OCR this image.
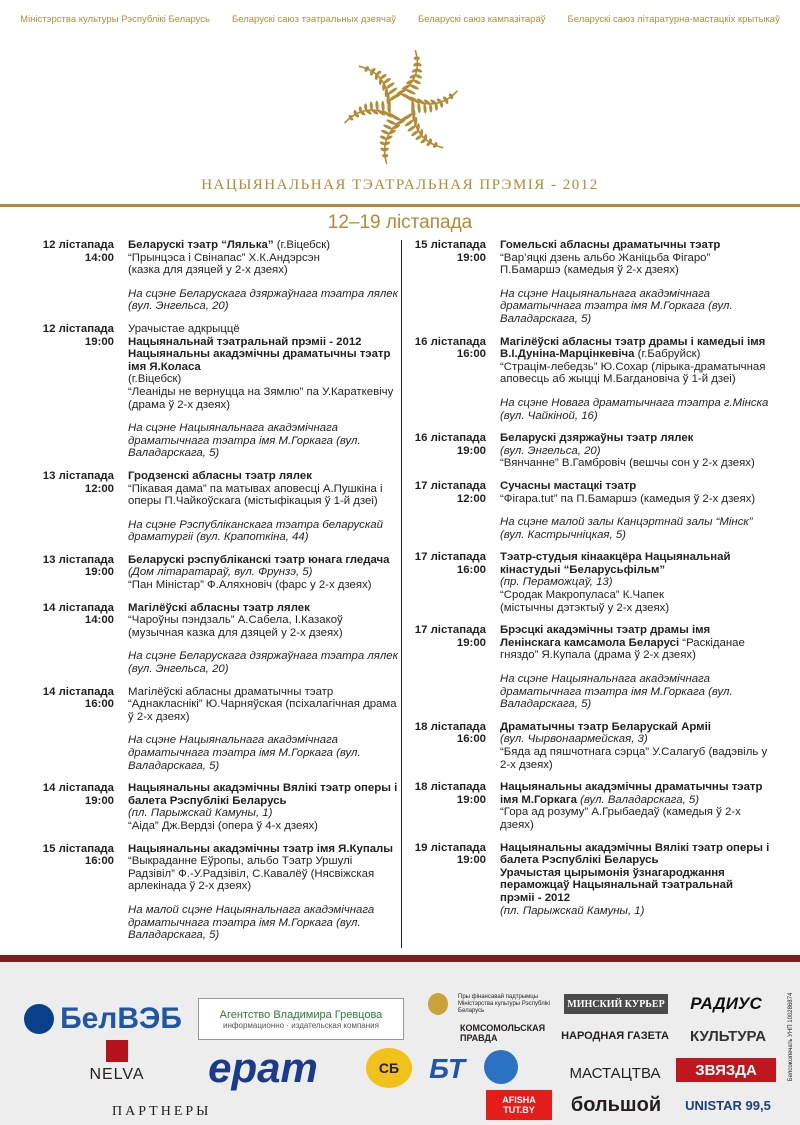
Міністэрства культуры Рэспублікі Беларусь Беларускі саюз тэатральных дзеячаў Беларускі саюз кампазітараў Беларускі саюз літаратурна-мастацкіх крытыкаў
НАЦЫЯНАЛЬНАЯ ТЭАТРАЛЬНАЯ ПРЭМІЯ - 2012
12–19 лістапада
12 лістапада
14:00
Беларускі тэатр “Лялька” (г.Віцебск)
“Прынцэса і Свінапас” Х.К.Андэрсэн
(казка для дзяцей у 2-х дзеях)
На сцэне Беларускага дзяржаўнага тэатра лялек (вул. Энгельса, 20)
12 лістапада
19:00
Урачыстае адкрыццё
Нацыянальнай тэатральнай прэміі - 2012
Нацыянальны акадэмічны драматычны тэатр імя Я.Коласа
(г.Віцебск)
“Леаніды не вернуцца на Зямлю” па У.Караткевічу (драма ў 2-х дзеях)
На сцэне Нацыянальнага акадэмічнага драматычнага тэатра імя М.Горкага (вул. Валадарскага, 5)
13 лістапада
12:00
Гродзенскі абласны тэатр лялек
“Пікавая дама” па матывах аповесці А.Пушкіна і оперы П.Чайкоўскага (містыфікацыя ў 1-й дзеі)
На сцэне Рэспубліканскага тэатра беларускай драматургіі (вул. Крапоткіна, 44)
13 лістапада
19:00
Беларускі рэспубліканскі тэатр юнага гледача
(Дом літаратараў, вул. Фрунзэ, 5)
“Пан Міністар” Ф.Аляхновіч (фарс у 2-х дзеях)
14 лістапада
14:00
Магілёўскі абласны тэатр лялек
“Чароўны пэндзаль” А.Сабела, І.Казакоў
(музычная казка для дзяцей у 2-х дзеях)
На сцэне Беларускага дзяржаўнага тэатра лялек (вул. Энгельса, 20)
14 лістапада
16:00
Магілёўскі абласны драматычны тэатр
“Аднакласнікі” Ю.Чарняўская (псіхалагічная драма ў 2-х дзеях)
На сцэне Нацыянальнага акадэмічнага драматычнага тэатра імя М.Горкага (вул. Валадарскага, 5)
14 лістапада
19:00
Нацыянальны акадэмічны Вялікі тэатр оперы і балета Рэспублікі Беларусь
(пл. Парыжскай Камуны, 1)
“Аіда” Дж.Вердзі (опера ў 4-х дзеях)
15 лістапада
16:00
Нацыянальны акадэмічны тэатр імя Я.Купалы
“Выкраданне Еўропы, альбо Тэатр Уршулі Радзівіл” Ф.-У.Радзівіл, С.Кавалёў (Нясвіжская арлекінада ў 2-х дзеях)
На малой сцэне Нацыянальнага акадэмічнага драматычнага тэатра імя М.Горкага (вул. Валадарскага, 5)
15 лістапада
19:00
Гомельскі абласны драматычны тэатр
“Вар’яцкі дзень альбо Жаніцьба Фігаро” П.Бамаршэ (камедыя ў 2-х дзеях)
На сцэне Нацыянальнага акадэмічнага драматычнага тэатра імя М.Горкага (вул. Валадарскага, 5)
16 лістапада
16:00
Магілёўскі абласны тэатр драмы і камедыі імя В.І.Дуніна-Марцінкевіча (г.Бабруйск)
“Страцім-лебедзь” Ю.Сохар (лірыка-драматычная аповесць аб жыцці М.Багдановіча ў 1-й дзеі)
На сцэне Новага драматычнага тэатра г.Мінска (вул. Чайкіной, 16)
16 лістапада
19:00
Беларускі дзяржаўны тэатр лялек
(вул. Энгельса, 20)
“Вянчанне” В.Гамбровіч (вешчы сон у 2-х дзеях)
17 лістапада
12:00
Сучасны мастацкі тэатр
“Фігара.tut” па П.Бамаршэ (камедыя ў 2-х дзеях)
На сцэне малой залы Канцэртнай залы “Мінск” (вул. Кастрычніцкая, 5)
17 лістапада
16:00
Тэатр-студыя кінаакцёра Нацыянальнай кінастудыі “Беларусьфільм”
(пр. Пераможцаў, 13)
“Сродак Макропуласа” К.Чапек
(містычны дэтэктыў у 2-х дзеях)
17 лістапада
19:00
Брэсцкі акадэмічны тэатр драмы імя Ленінскага камсамола Беларусі “Раскіданае гняздо” Я.Купала (драма ў 2-х дзеях)
На сцэне Нацыянальнага акадэмічнага драматычнага тэатра імя М.Горкага (вул. Валадарскага, 5)
18 лістапада
16:00
Драматычны тэатр Беларускай Арміі
(вул. Чырвонаармейская, 3)
“Бяда ад пяшчотнага сэрца” У.Салагуб (вадэвіль у 2-х дзеях)
18 лістапада
19:00
Нацыянальны акадэмічны драматычны тэатр імя М.Горкага (вул. Валадарскага, 5)
“Гора ад розуму” А.Грыбаедаў (камедыя ў 2-х дзеях)
19 лістапада
19:00
Нацыянальны акадэмічны Вялікі тэатр оперы і балета Рэспублікі Беларусь
Урачыстая цырымонія ўзнагароджання пераможцаў Нацыянальнай тэатральнай прэміі - 2012
(пл. Парыжскай Камуны, 1)
БелВЭБ	Агентство Владимира Гревцова
информационно · издательская компания
Пры фінансавай падтрымцы Міністэрства культуры Рэспублікі Беларусь
КОМСОМОЛЬСКАЯ ПРАВДА
МИНСКИЙ КУРЬЕР	РАДИУС
НАРОДНАЯ ГАЗЕТА	КУЛЬТУРА
NELVA	ерат	СБ	БТ	МАСТАЦТВА	ЗВЯЗДА
AFISHA TUT.BY	большой	UNISTAR 99,5
Белсоюзпечать УНП 100286874
ПАРТНЕРЫ
